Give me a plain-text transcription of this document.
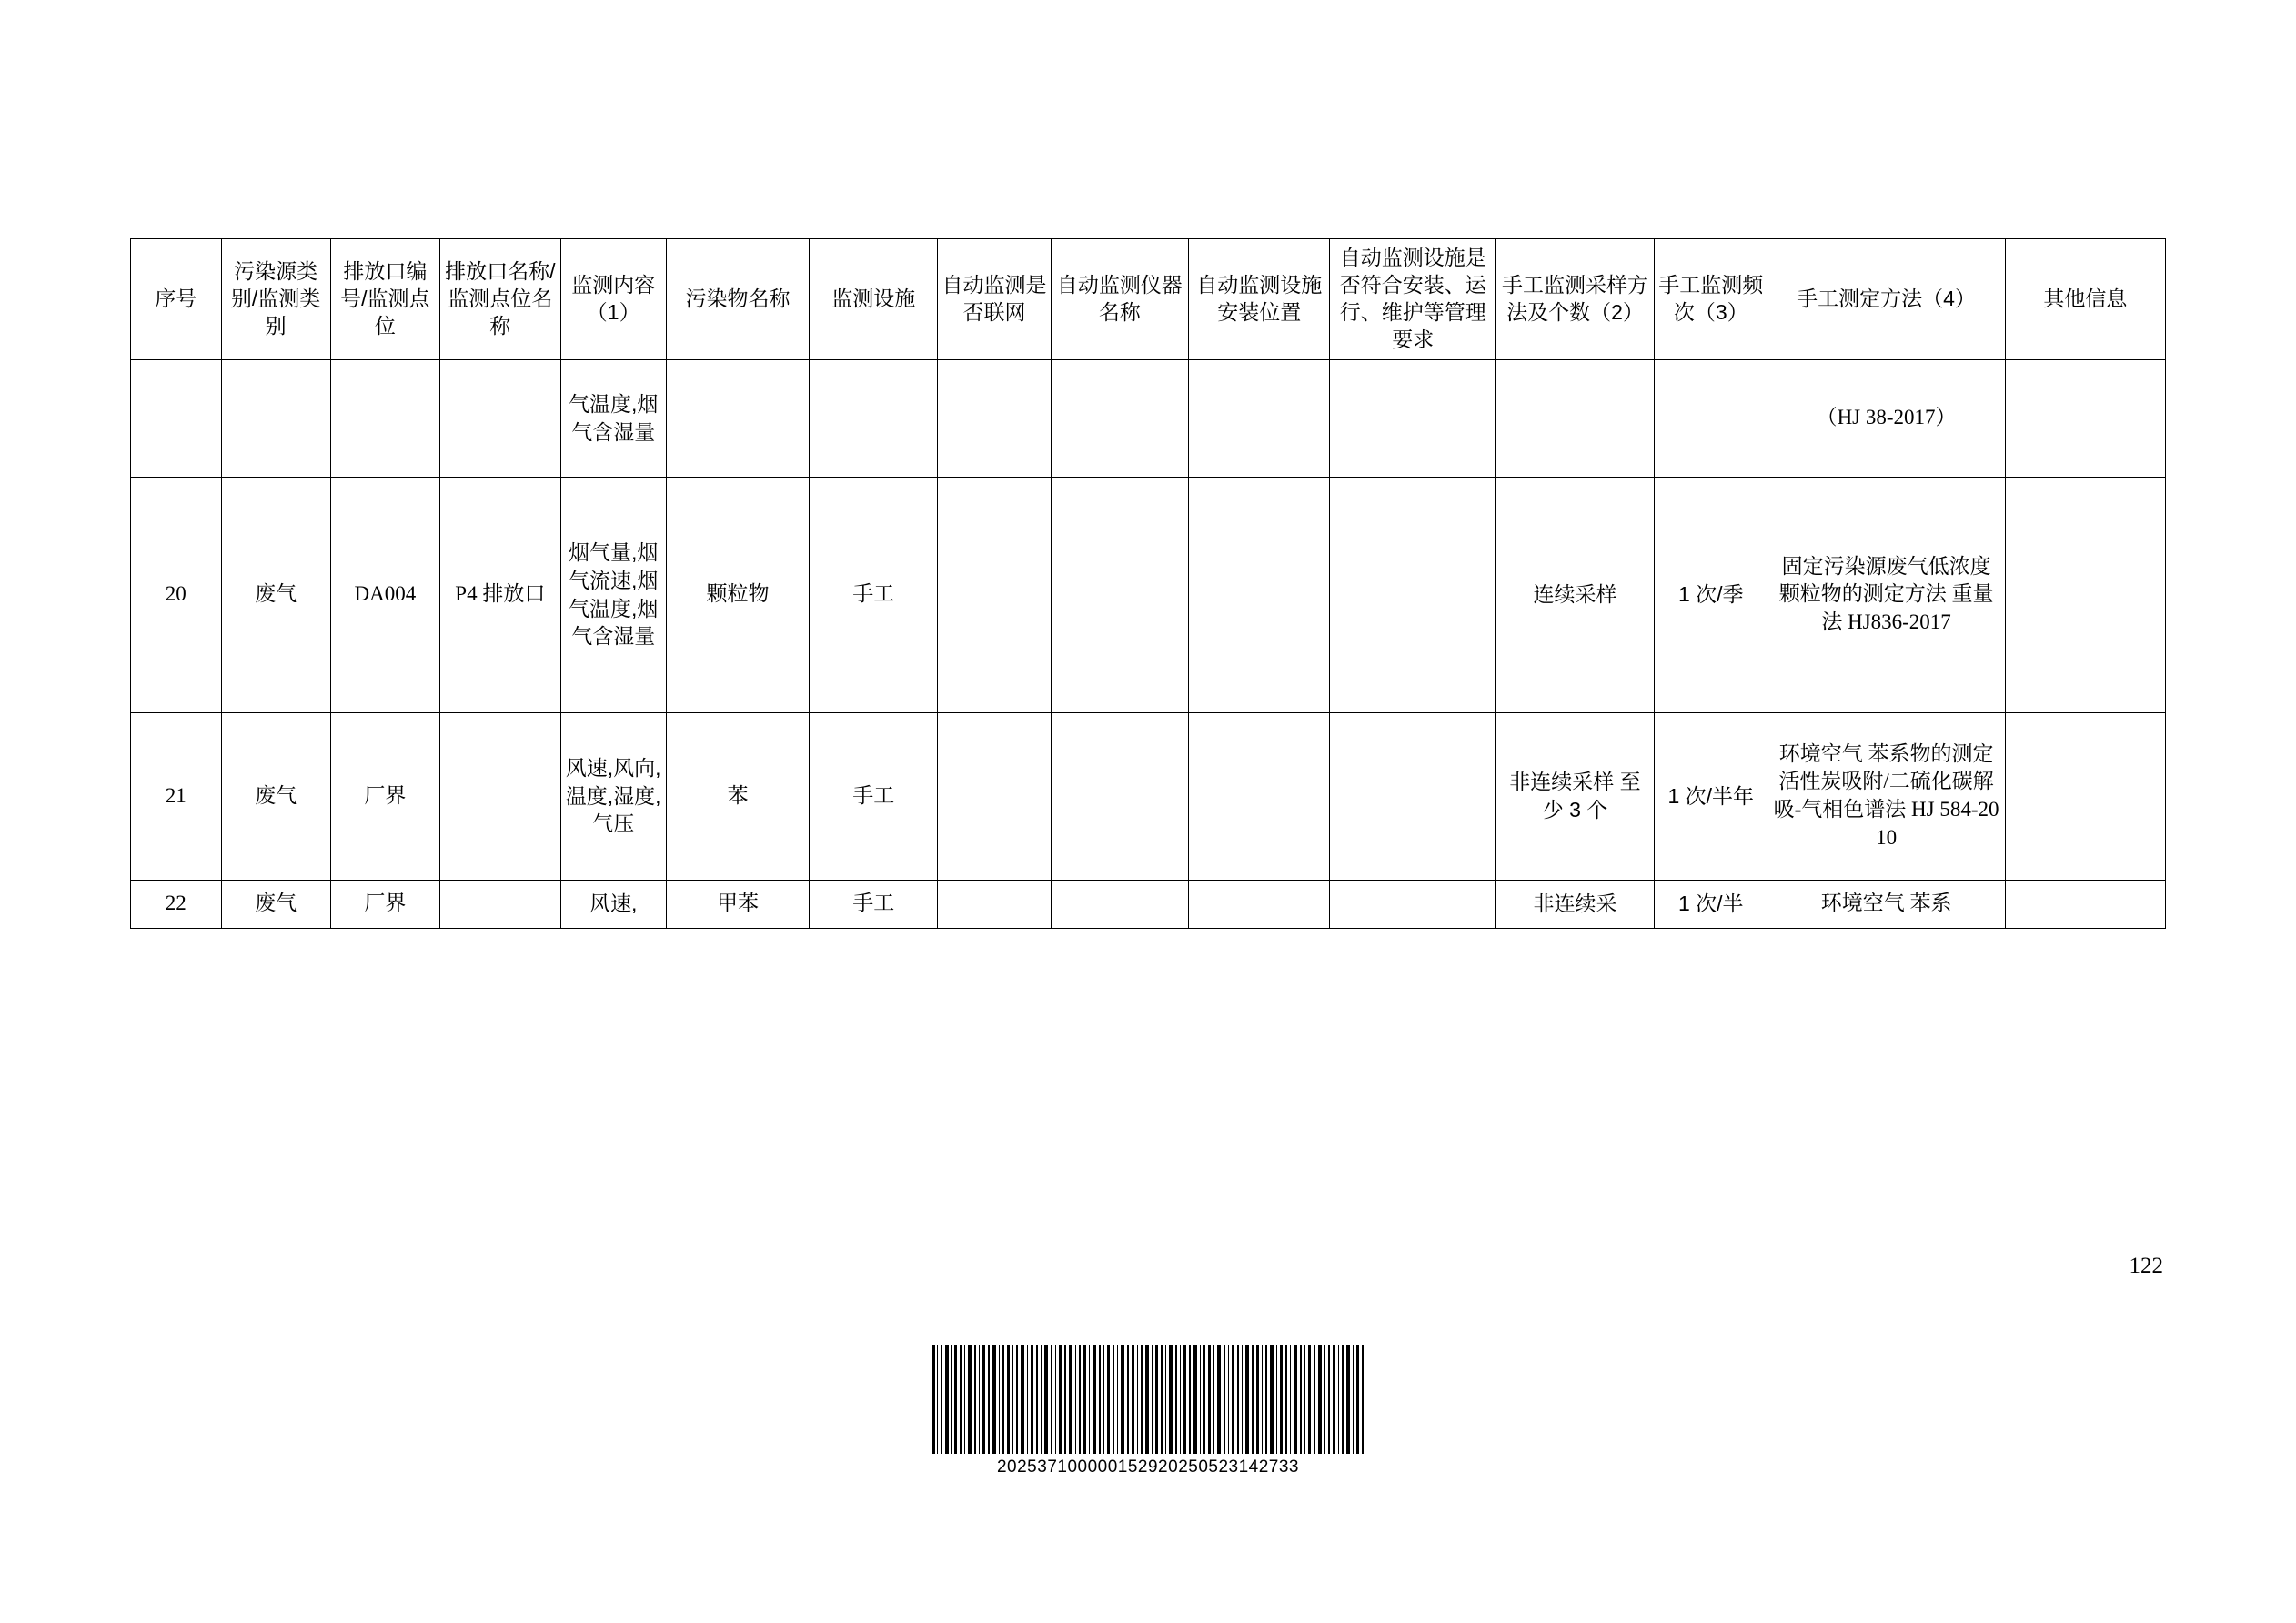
序号	污染源类别/监测类别	排放口编号/监测点位	排放口名称/监测点位名称	监测内容（1）	污染物名称	监测设施	自动监测是否联网	自动监测仪器名称	自动监测设施安装位置	自动监测设施是否符合安装、运行、维护等管理要求	手工监测采样方法及个数（2）	手工监测频次（3）	手工测定方法（4）	其他信息
				气温度,烟气含湿量									（HJ 38-2017）	
20	废气	DA004	P4 排放口	烟气量,烟气流速,烟气温度,烟气含湿量	颗粒物	手工					连续采样	1 次/季	固定污染源废气低浓度颗粒物的测定方法 重量法 HJ836-2017	
21	废气	厂界		风速,风向,温度,湿度,气压	苯	手工					非连续采样 至少 3 个	1 次/半年	环境空气 苯系物的测定 活性炭吸附/二硫化碳解吸-气相色谱法 HJ 584-2010	
22	废气	厂界		风速,	甲苯	手工					非连续采	1 次/半	环境空气 苯系	
122
202537100000152920250523142733
